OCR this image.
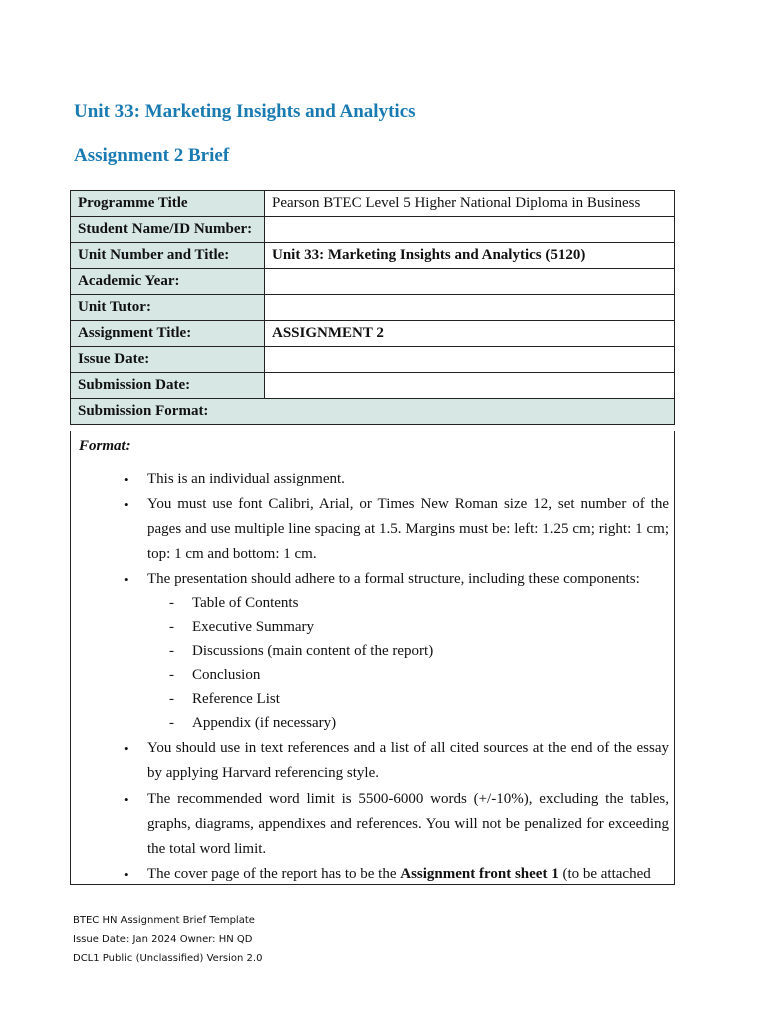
Unit 33: Marketing Insights and Analytics
Assignment 2 Brief
Programme Title	Pearson BTEC Level 5 Higher National Diploma in Business
Student Name/ID Number:	
Unit Number and Title:	Unit 33: Marketing Insights and Analytics (5120)
Academic Year:	
Unit Tutor:	
Assignment Title:	ASSIGNMENT 2
Issue Date:	
Submission Date:	
Submission Format:	
Format:
• This is an individual assignment.
• You must use font Calibri, Arial, or Times New Roman size 12, set number of the pages and use multiple line spacing at 1.5. Margins must be: left: 1.25 cm; right: 1 cm; top: 1 cm and bottom: 1 cm.
• The presentation should adhere to a formal structure, including these components:
- Table of Contents
- Executive Summary
- Discussions (main content of the report)
- Conclusion
- Reference List
- Appendix (if necessary)
• You should use in text references and a list of all cited sources at the end of the essay by applying Harvard referencing style.
• The recommended word limit is 5500-6000 words (+/-10%), excluding the tables, graphs, diagrams, appendixes and references. You will not be penalized for exceeding the total word limit.
• The cover page of the report has to be the Assignment front sheet 1 (to be attached
BTEC HN Assignment Brief Template
Issue Date: Jan 2024 Owner: HN QD
DCL1 Public (Unclassified) Version 2.0
